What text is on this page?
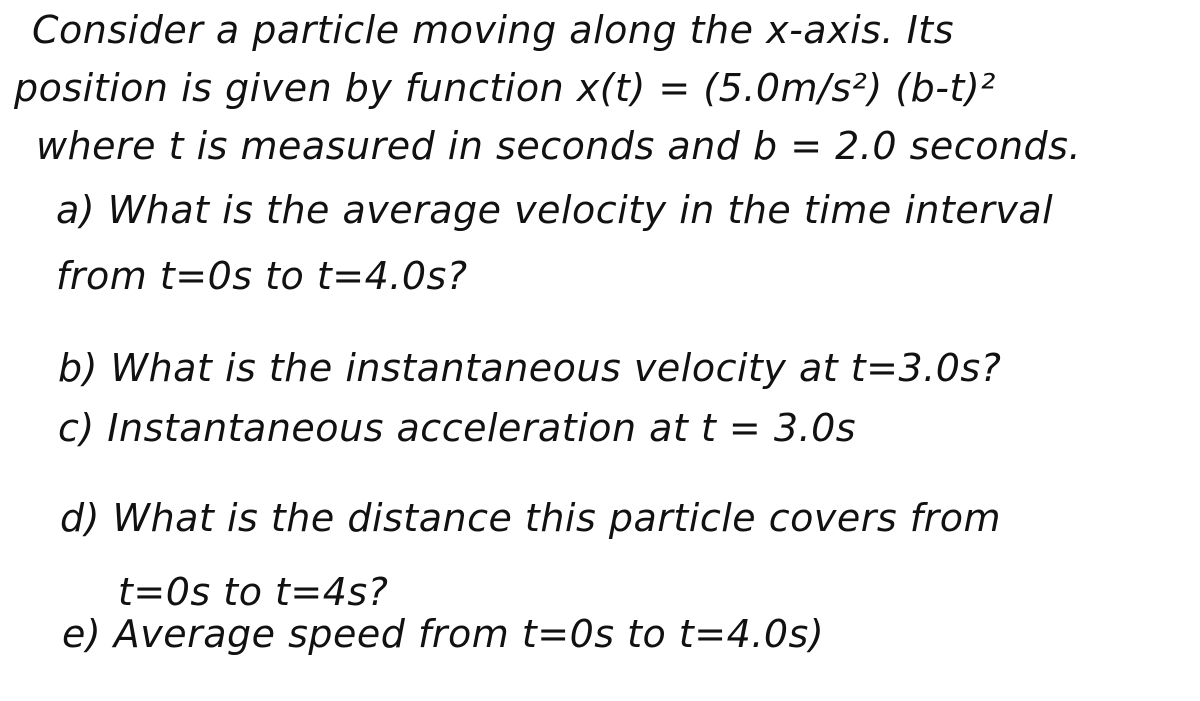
Consider a particle moving along the x-axis. Its
position is given by function x(t) = (5.0m/s²) (b-t)²
where t is measured in seconds and b = 2.0 seconds.
a) What is the average velocity in the time interval
from t=0s to t=4.0s?
b) What is the instantaneous velocity at t=3.0s?
c) Instantaneous acceleration at t = 3.0s
d) What is the distance this particle covers from
t=0s to t=4s?
e) Average speed from t=0s to t=4.0s)
